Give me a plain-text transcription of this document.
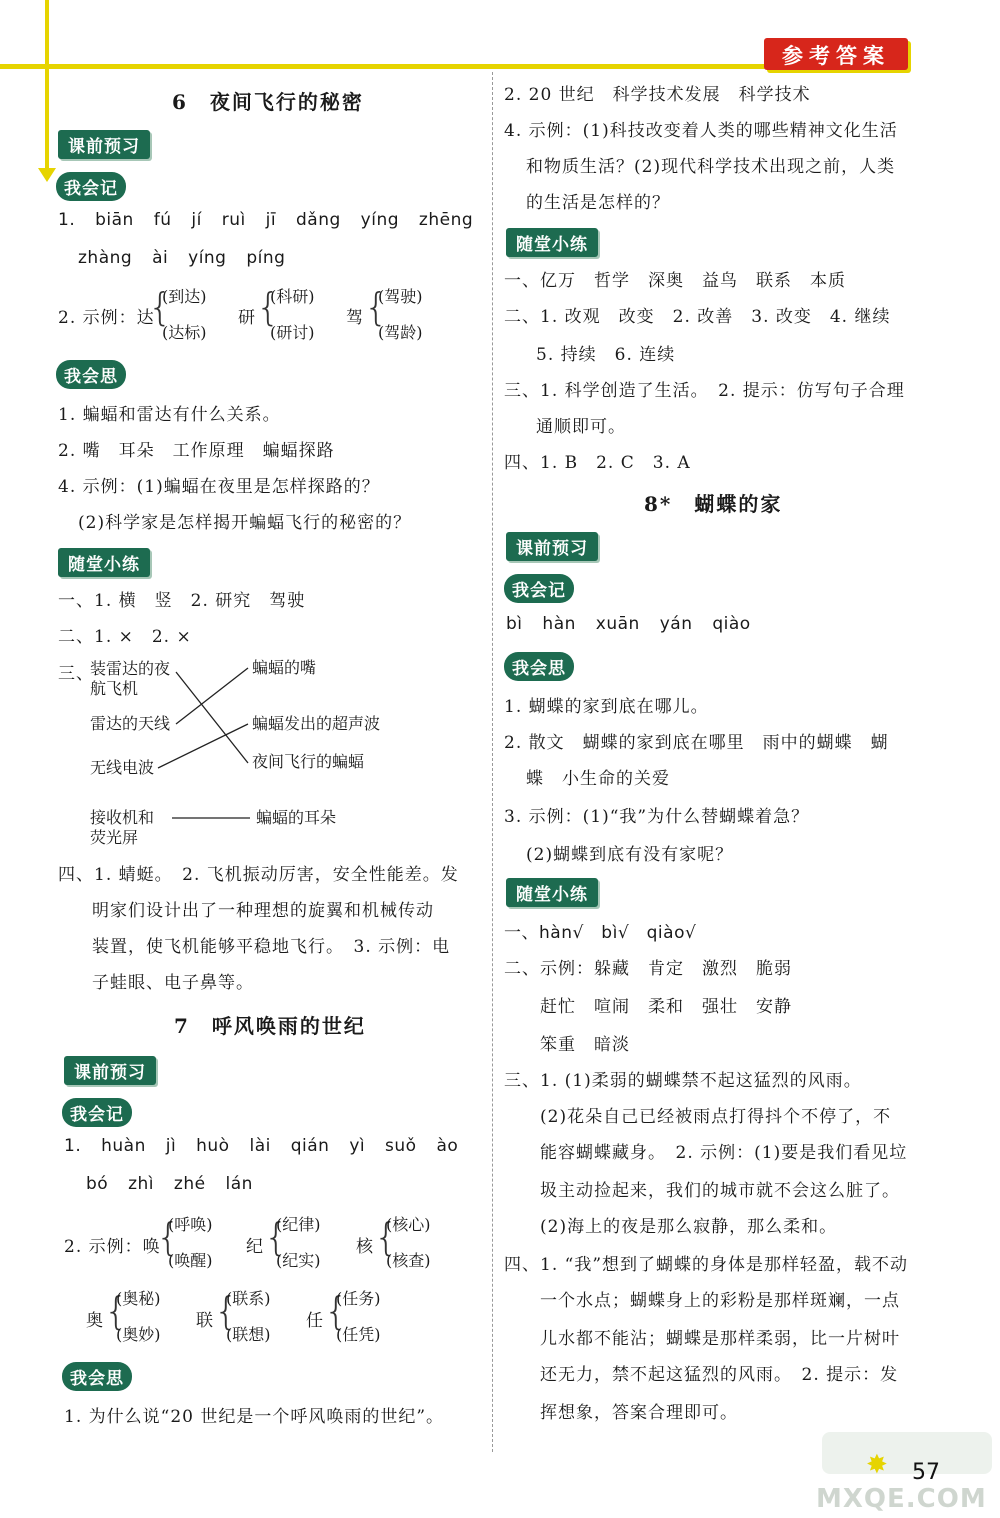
参考答案
6　夜间飞行的秘密
课前预习
我会记
1. biān fú jí ruì jī dǎng yíng zhēng
zhàng ài yíng píng
2. 示例：达
{
(到达)
(达标)
研 {
(科研)
(研讨)
驾 {
(驾驶)
(驾龄)
我会思
1. 蝙蝠和雷达有什么关系。
2. 嘴　耳朵　工作原理　蝙蝠探路
4. 示例：(1)蝙蝠在夜里是怎样探路的？
(2)科学家是怎样揭开蝙蝠飞行的秘密的？
随堂小练
一、1. 横　竖　2. 研究　驾驶
二、1. ×　2. ×
三、
装雷达的夜
航飞机
雷达的天线
无线电波
接收机和
荧光屏
蝙蝠的嘴
蝙蝠发出的超声波
夜间飞行的蝙蝠
蝙蝠的耳朵
四、1. 蜻蜓。　2. 飞机振动厉害，安全性能差。发
明家们设计出了一种理想的旋翼和机械传动
装置，使飞机能够平稳地飞行。　3. 示例：电
子蛙眼、电子鼻等。
7　呼风唤雨的世纪
课前预习
我会记
1. huàn jì huò lài qián yì suǒ ào
bó zhì zhé lán
2. 示例：唤
{
(呼唤)
(唤醒)
纪 {
(纪律)
(纪实)
核 {
(核心)
(核查)
奥 {
(奥秘)
(奥妙)
联 {
(联系)
(联想)
任 {
(任务)
(任凭)
我会思
1. 为什么说“20 世纪是一个呼风唤雨的世纪”。
2. 20 世纪　科学技术发展　科学技术
4. 示例：(1)科技改变着人类的哪些精神文化生活
和物质生活？(2)现代科学技术出现之前，人类
的生活是怎样的？
随堂小练
一、亿万　哲学　深奥　益鸟　联系　本质
二、1. 改观　改变　2. 改善　3. 改变　4. 继续
5. 持续　6. 连续
三、1. 科学创造了生活。　2. 提示：仿写句子合理
通顺即可。
四、1. B　2. C　3. A
8*　蝴蝶的家
课前预习
我会记
bì hàn xuān yán qiào
我会思
1. 蝴蝶的家到底在哪儿。
2. 散文　蝴蝶的家到底在哪里　雨中的蝴蝶　蝴
蝶　小生命的关爱
3. 示例：(1)“我”为什么替蝴蝶着急？
(2)蝴蝶到底有没有家呢？
随堂小练
一、hàn√　bì√　qiào√
二、示例：躲藏　肯定　激烈　脆弱
赶忙　喧闹　柔和　强壮　安静
笨重　暗淡
三、1. (1)柔弱的蝴蝶禁不起这猛烈的风雨。
(2)花朵自己已经被雨点打得抖个不停了，不
能容蝴蝶藏身。　2. 示例：(1)要是我们看见垃
圾主动捡起来，我们的城市就不会这么脏了。
(2)海上的夜是那么寂静，那么柔和。
四、1. “我”想到了蝴蝶的身体是那样轻盈，载不动
一个水点；蝴蝶身上的彩粉是那样斑斓，一点
儿水都不能沾；蝴蝶是那样柔弱，比一片树叶
还无力，禁不起这猛烈的风雨。　2. 提示：发
挥想象，答案合理即可。
✸ 57
MXQE.COM
